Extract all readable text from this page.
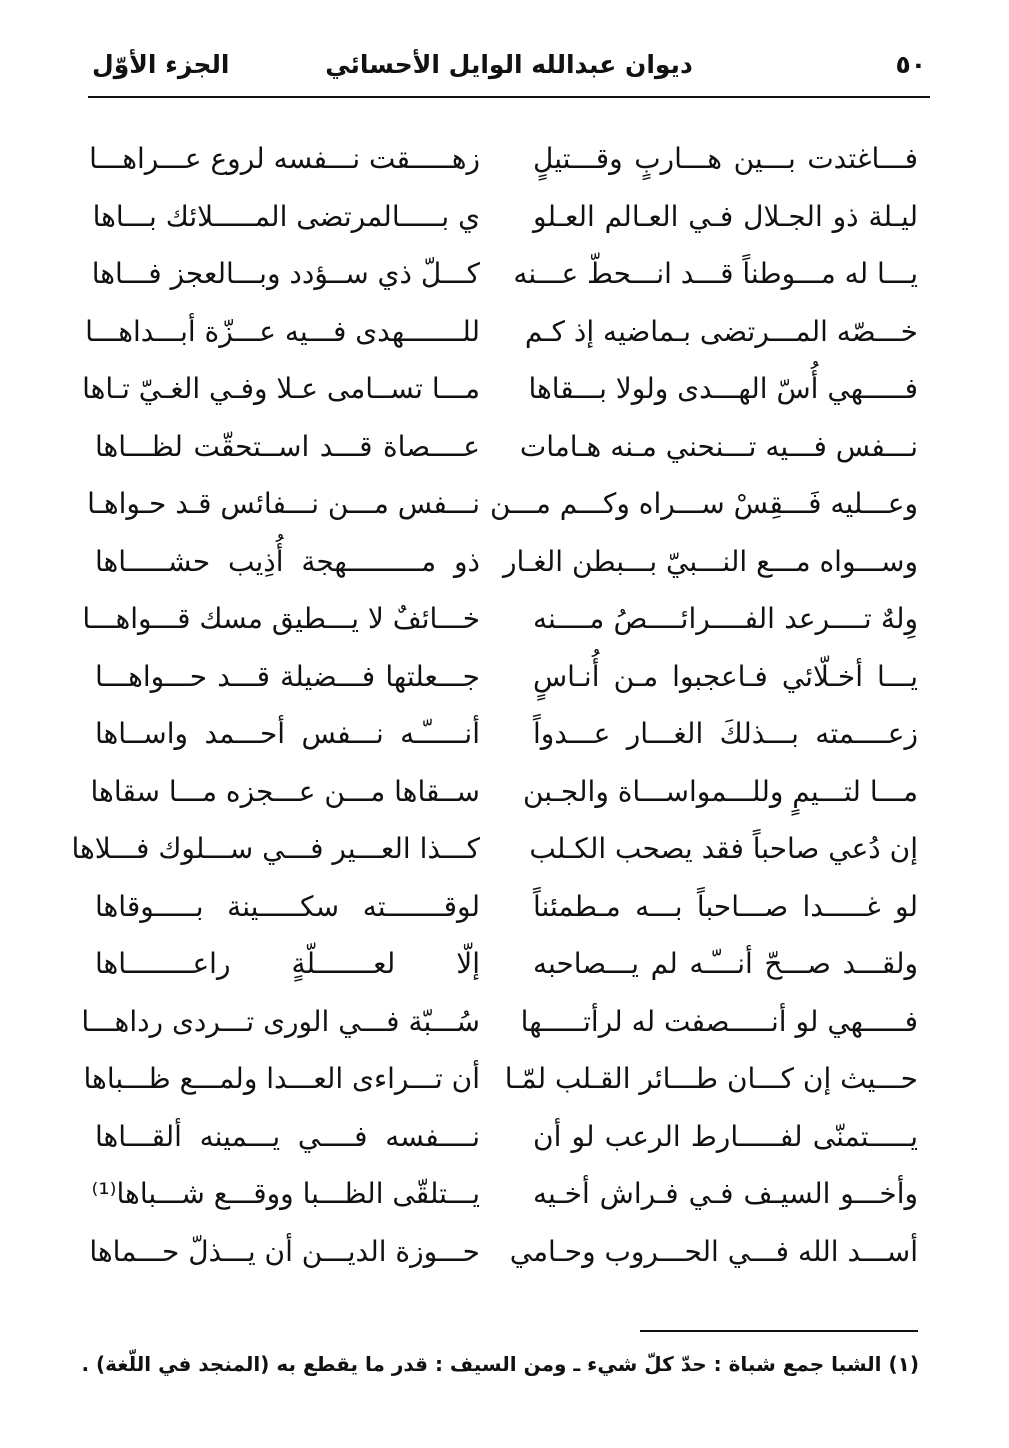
٥٠
ديوان عبدالله الوايل الأحسائي
الجزء الأوّل
فـــاغتدت بـــين هـــاربٍ وقـــتيلٍ
زهـــــقت نـــفسه لروع عـــراهـــا
ليـلة ذو الجـلال فـي العـالم العـلو
ي بـــــالمرتضى المـــــلائك بـــاها
يـــا له مـــوطناً قـــد انـــحطّ عـــنه
كـــلّ ذي ســؤدد وبـــالعجز فـــاها
خـــصّه المـــرتضى بـماضيه إذ كـم
للـــــــهدى فـــيه عـــزّة أبـــداهـــا
فـــــهي أُسّ الهـــدى ولولا بـــقاها
مـــا تســامى عـلا وفـي الغـيّ تـاها
نـــفس فـــيه تـــنحني مـنه هـامات
عــــصاة قـــد اســتحقّت لظـــاها
وعـــليه فَـــقِسْ ســـراه وكـــم مـــن
نـــفس مـــن نـــفائس قـد حـواهـا
وســـواه مـــع النـــبيّ بـــبطن الغـار
ذو مـــــــــهجة أُذِيب حشـــــاها
وِلهٌ تــــرعد الفــــرائــــصُ مــــنه
خـــائفٌ لا يـــطيق مسك قـــواهـــا
يـــا أخـلّائي فـاعجبوا مـن أُنـاسٍ
جـــعلتها فـــضيلة قـــد حـــواهـــا
زعــــمته بـــذلكَ الغـــار عـــدواً
أنـــــّـه نـــفس أحـــمد واســاها
مـــا لتـــيمٍ وللـــمواســـاة والجـبن
ســقاها مـــن عـــجزه مـــا سقاها
إن دُعي صاحباً فقد يصحب الكـلب
كـــذا العـــير فـــي ســـلوك فـــلاها
لو غـــــدا صـــاحباً بـــه مـطمئناً
لوقـــــــته سكـــــينة بـــــوقاها
ولقـــد صـــحّ أنـــّـه لم يـــصاحبه
إلّا لعـــــــلّةٍ راعــــــــاها
فـــــهي لو أنـــــصفت له لرأتـــــها
سُـــبّة فـــي الورى تـــردى رداهـــا
حـــيث إن كـــان طـــائر القـلب لمّـا
أن تـــراءى العـــدا ولمـــع ظـــباها
يـــــتمنّى لفـــــارط الرعب لو أن
نــــفسه فــــي يـــمينه ألقـــاها
وأخـــو السيـف فـي فـراش أخـيه
يـــتلقّى الظـــبا ووقـــع شـــباها⁽¹⁾
أســـد الله فـــي الحـــروب وحـامي
حـــوزة الديـــن أن يـــذلّ حـــماها
(١) الشبا جمع شباة : حدّ كلّ شيء ـ ومن السيف : قدر ما يقطع به (المنجد في اللّغة) .
